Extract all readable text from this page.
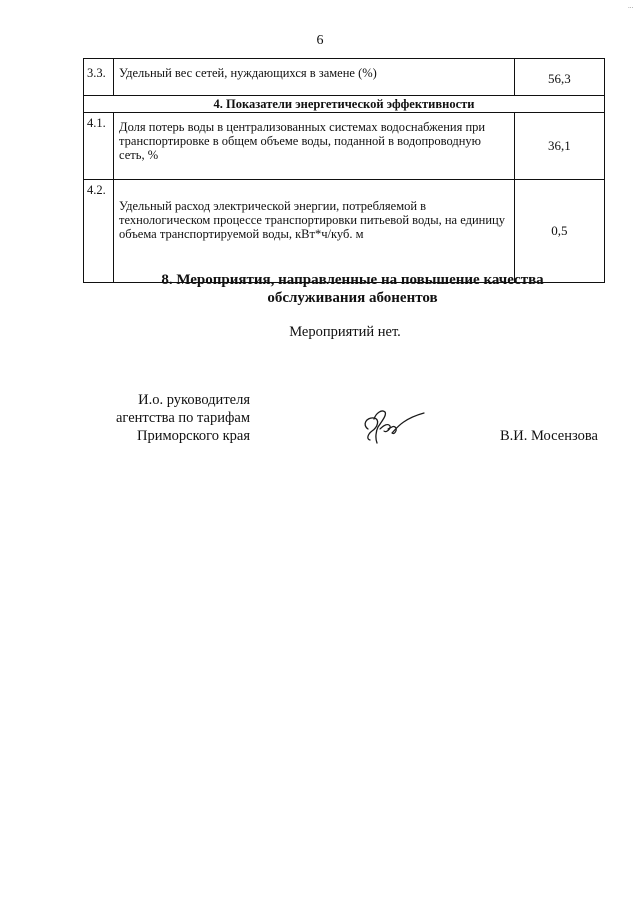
...
6
3.3.	Удельный вес сетей, нуждающихся в замене (%)	56,3
4. Показатели энергетической эффективности		
4.1.	Доля потерь воды в централизованных системах водоснабжения при транспортировке в общем объеме воды, поданной в водопроводную сеть, %	36,1
4.2.	Удельный расход электрической энергии, потребляемой в технологическом процессе транспортировки питьевой воды, на единицу объема транспортируемой воды, кВт*ч/куб. м	0,5
8. Мероприятия, направленные на повышение качества
обслуживания абонентов
Мероприятий нет.
И.о. руководителя
агентства по тарифам
Приморского края	В.И. Мосензова
